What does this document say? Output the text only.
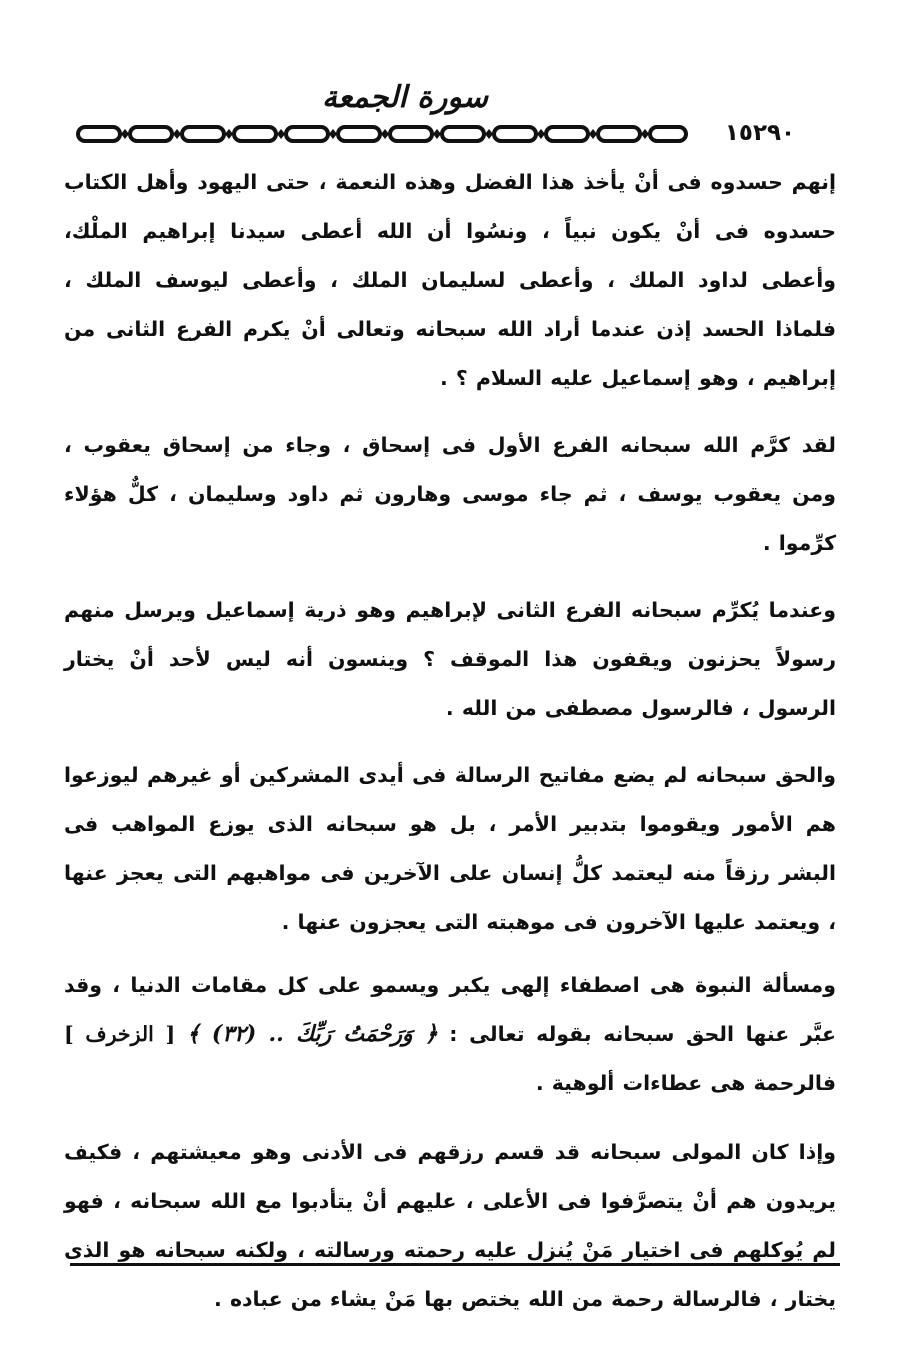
سورة الجمعة
١٥٢٩٠

إنهم حسدوه فى أنْ يأخذ هذا الفضل وهذه النعمة ، حتى اليهود وأهل الكتاب حسدوه فى أنْ يكون نبياً ، ونسُوا أن الله أعطى سيدنا إبراهيم الملْك، وأعطى لداود الملك ، وأعطى لسليمان الملك ، وأعطى ليوسف الملك ، فلماذا الحسد إذن عندما أراد الله سبحانه وتعالى أنْ يكرم الفرع الثانى من إبراهيم ، وهو إسماعيل عليه السلام ؟ .

لقد كرَّم الله سبحانه الفرع الأول فى إسحاق ، وجاء من إسحاق يعقوب ، ومن يعقوب يوسف ، ثم جاء موسى وهارون ثم داود وسليمان ، كلٌّ هؤلاء كرِّموا .

وعندما يُكرِّم سبحانه الفرع الثانى لإبراهيم وهو ذرية إسماعيل ويرسل منهم رسولاً يحزنون ويقفون هذا الموقف ؟ وينسون أنه ليس لأحد أنْ يختار الرسول ، فالرسول مصطفى من الله .

والحق سبحانه لم يضع مفاتيح الرسالة فى أيدى المشركين أو غيرهم ليوزعوا هم الأمور ويقوموا بتدبير الأمر ، بل هو سبحانه الذى يوزع المواهب فى البشر رزقاً منه ليعتمد كلُّ إنسان على الآخرين فى مواهبهم التى يعجز عنها ، ويعتمد عليها الآخرون فى موهبته التى يعجزون عنها .

ومسألة النبوة هى اصطفاء إلهى يكبر ويسمو على كل مقامات الدنيا ، وقد عبَّر عنها الحق سبحانه بقوله تعالى : ﴿ وَرَحْمَتُ رَبِّكَ .. (٣٢) ﴾ [ الزخرف ] فالرحمة هى عطاءات ألوهية .

وإذا كان المولى سبحانه قد قسم رزقهم فى الأدنى وهو معيشتهم ، فكيف يريدون هم أنْ يتصرَّفوا فى الأعلى ، عليهم أنْ يتأدبوا مع الله سبحانه ، فهو لم يُوكلهم فى اختيار مَنْ يُنزل عليه رحمته ورسالته ، ولكنه سبحانه هو الذى يختار ، فالرسالة رحمة من الله يختص بها مَنْ يشاء من عباده .
